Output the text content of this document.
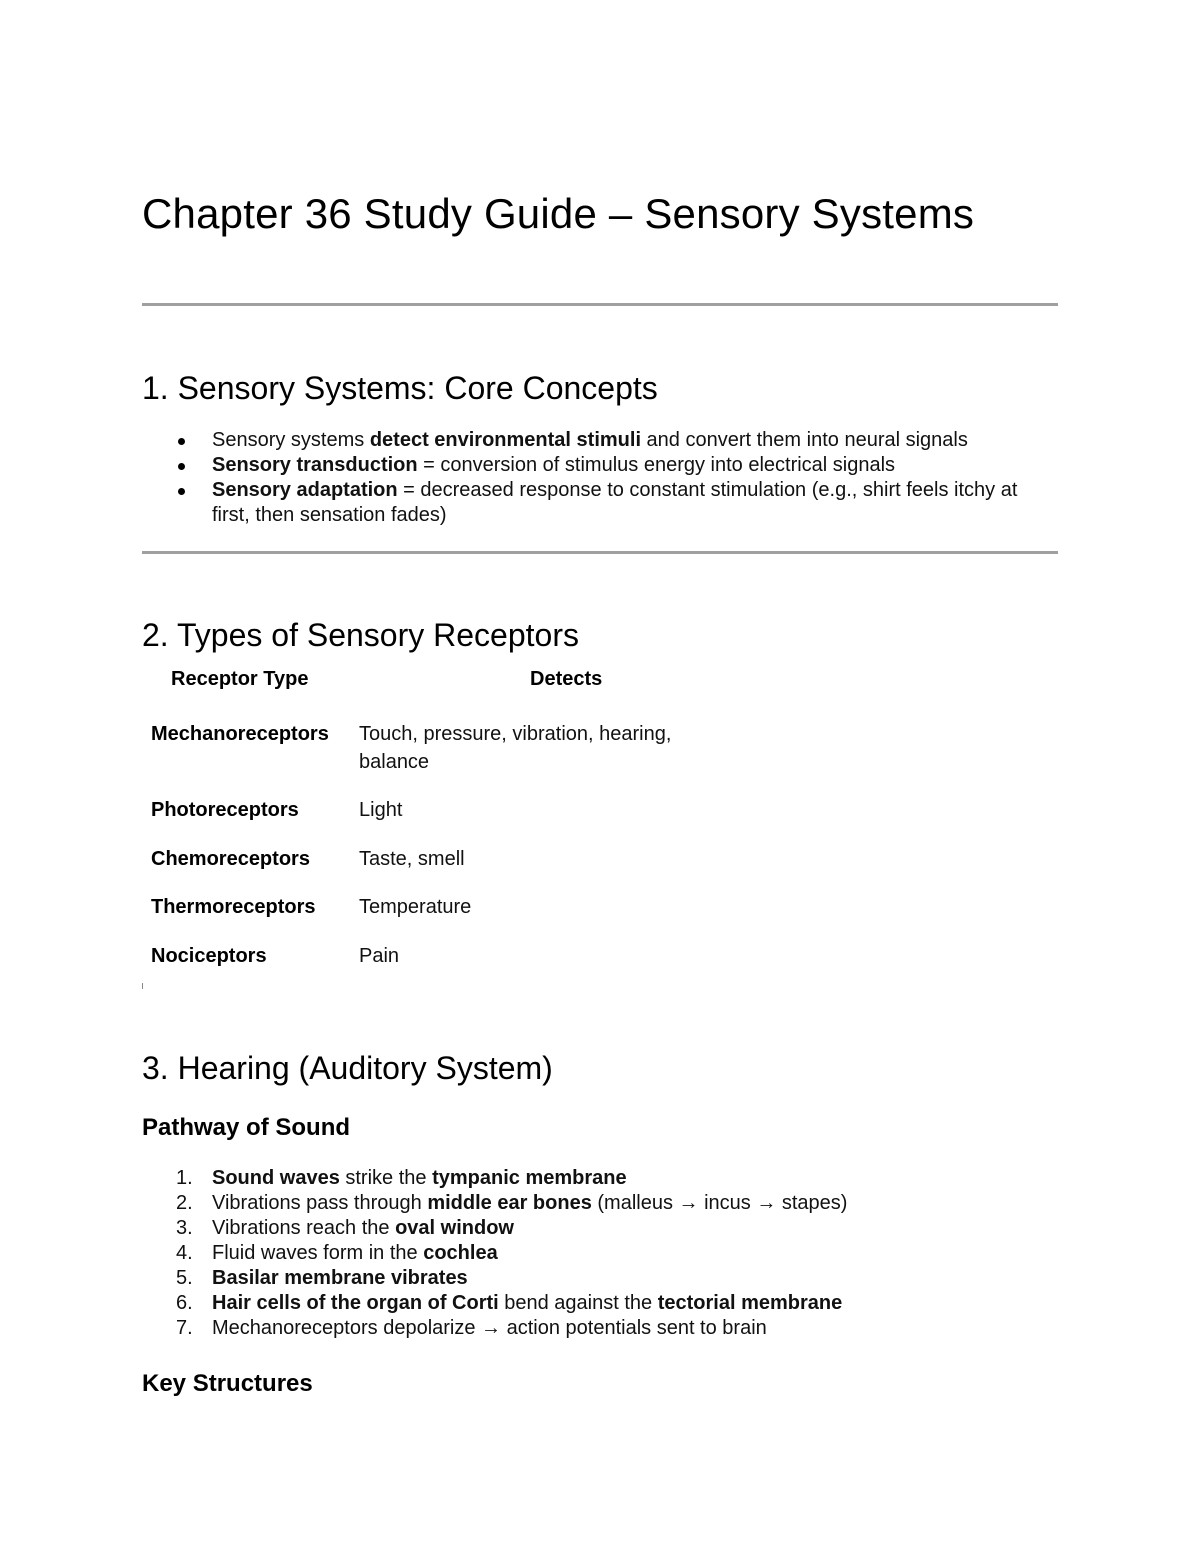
Chapter 36 Study Guide – Sensory Systems
1. Sensory Systems: Core Concepts
Sensory systems detect environmental stimuli and convert them into neural signals
Sensory transduction = conversion of stimulus energy into electrical signals
Sensory adaptation = decreased response to constant stimulation (e.g., shirt feels itchy at first, then sensation fades)
2. Types of Sensory Receptors
Receptor Type	Detects
Mechanoreceptors	Touch, pressure, vibration, hearing, balance
Photoreceptors	Light
Chemoreceptors	Taste, smell
Thermoreceptors	Temperature
Nociceptors	Pain
3. Hearing (Auditory System)
Pathway of Sound
1. Sound waves strike the tympanic membrane
2. Vibrations pass through middle ear bones (malleus → incus → stapes)
3. Vibrations reach the oval window
4. Fluid waves form in the cochlea
5. Basilar membrane vibrates
6. Hair cells of the organ of Corti bend against the tectorial membrane
7. Mechanoreceptors depolarize → action potentials sent to brain
Key Structures
